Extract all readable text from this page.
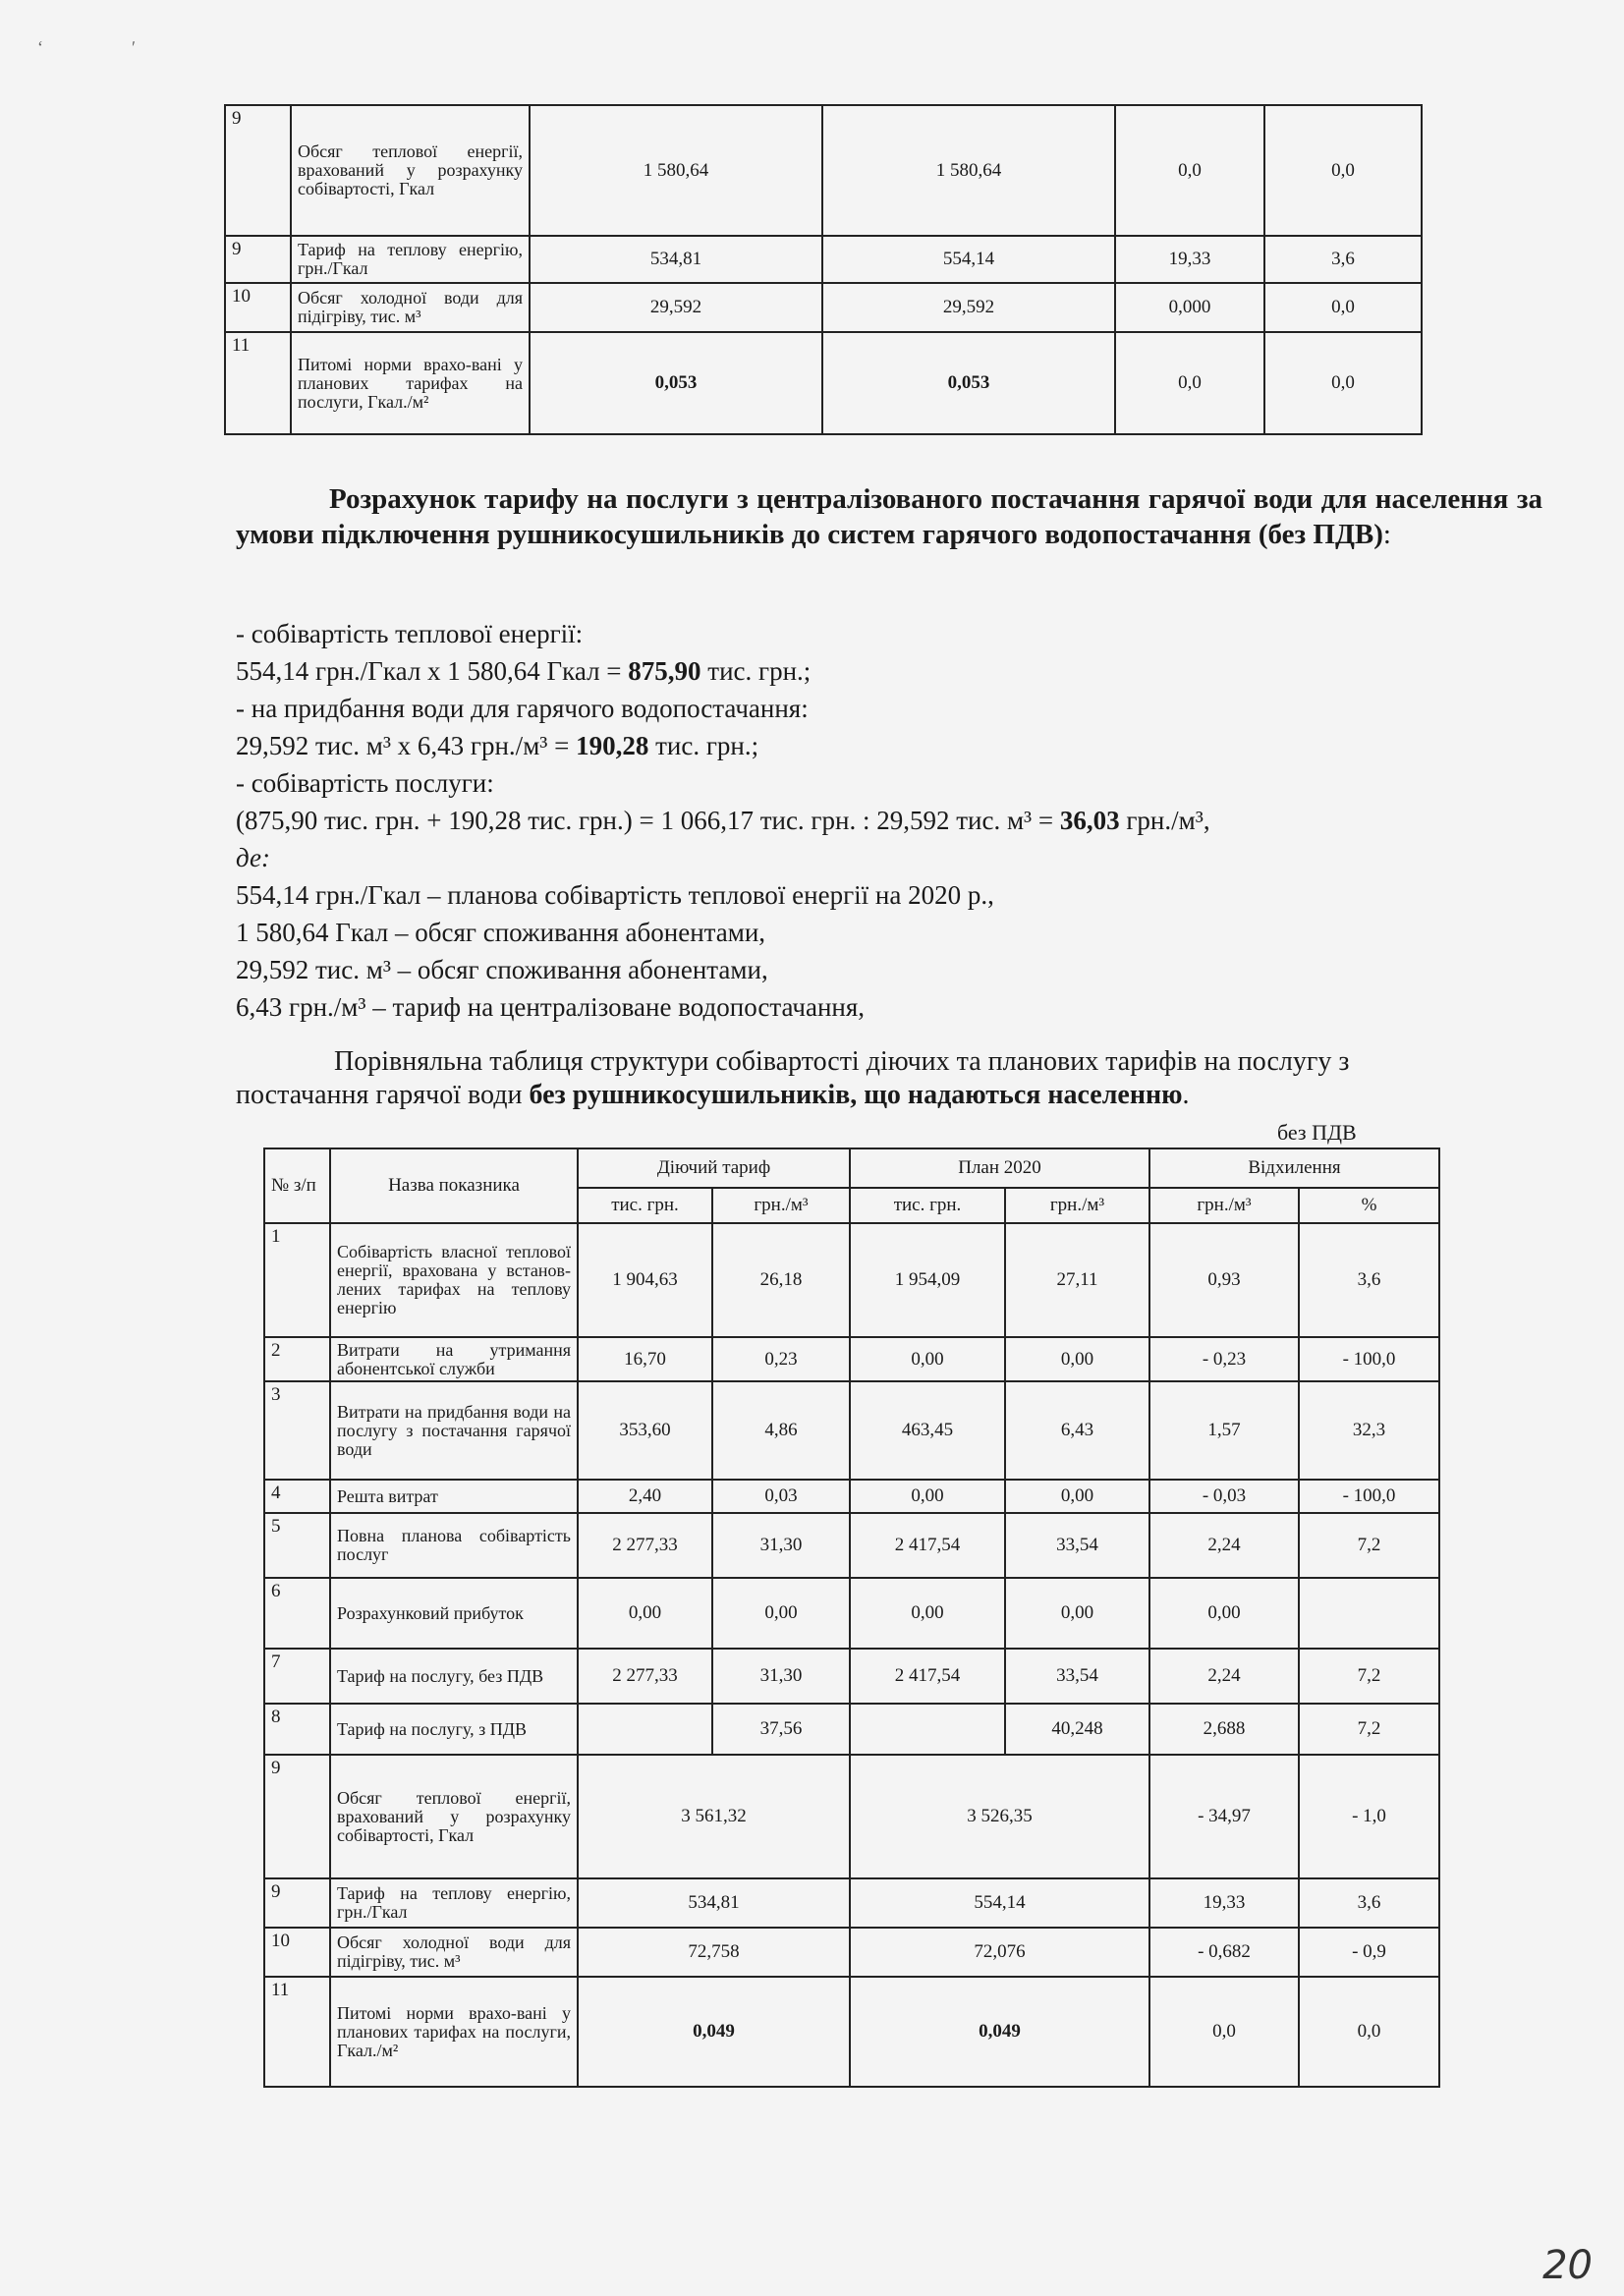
‘                    ʹ
9	Обсяг теплової енергії, врахований у розрахунку собівартості, Гкал	1 580,64	1 580,64	0,0	0,0
9	Тариф на теплову енергію, грн./Гкал	534,81	554,14	19,33	3,6
10	Обсяг холодної води для підігріву, тис. м³	29,592	29,592	0,000	0,0
11	Питомі норми врахо-вані у планових тарифах на послуги, Гкал./м²	0,053	0,053	0,0	0,0
Розрахунок тарифу на послуги з централізованого постачання гарячої води для населення за умови підключення рушникосушильників до систем гарячого водопостачання (без ПДВ):
- собівартість теплової енергії:
554,14 грн./Гкал х 1 580,64 Гкал = 875,90 тис. грн.;
- на придбання води для гарячого водопостачання:
29,592 тис. м³ х 6,43 грн./м³ = 190,28 тис. грн.;
- собівартість послуги:
(875,90 тис. грн. + 190,28 тис. грн.) = 1 066,17 тис. грн. : 29,592 тис. м³ = 36,03 грн./м³,
де:
554,14 грн./Гкал – планова собівартість теплової енергії на 2020 р.,
1 580,64 Гкал – обсяг споживання абонентами,
29,592 тис. м³ – обсяг споживання абонентами,
6,43 грн./м³ – тариф на централізоване водопостачання,
Порівняльна таблиця структури собівартості діючих та планових тарифів на послугу з
постачання гарячої води без рушникосушильників, що надаються населенню.
без ПДВ
№ з/п	Назва показника	Діючий тариф		План 2020		Відхилення	
		тис. грн.	грн./м³	тис. грн.	грн./м³	грн./м³	%
1	Собівартість власної теплової енергії, врахована у встанов-лених тарифах на теплову енергію	1 904,63	26,18	1 954,09	27,11	0,93	3,6
2	Витрати на утримання абонентської служби	16,70	0,23	0,00	0,00	- 0,23	- 100,0
3	Витрати на придбання води на послугу з постачання гарячої води	353,60	4,86	463,45	6,43	1,57	32,3
4	Решта витрат	2,40	0,03	0,00	0,00	- 0,03	- 100,0
5	Повна планова собівартість послуг	2 277,33	31,30	2 417,54	33,54	2,24	7,2
6	Розрахунковий прибуток	0,00	0,00	0,00	0,00	0,00	
7	Тариф на послугу, без ПДВ	2 277,33	31,30	2 417,54	33,54	2,24	7,2
8	Тариф на послугу, з ПДВ		37,56		40,248	2,688	7,2
9	Обсяг теплової енергії, врахований у розрахунку собівартості, Гкал	3 561,32		3 526,35		- 34,97	- 1,0
9	Тариф на теплову енергію, грн./Гкал	534,81		554,14		19,33	3,6
10	Обсяг холодної води для підігріву, тис. м³	72,758		72,076		- 0,682	- 0,9
11	Питомі норми врахо-вані у планових тарифах на послуги, Гкал./м²	0,049		0,049		0,0	0,0
20
